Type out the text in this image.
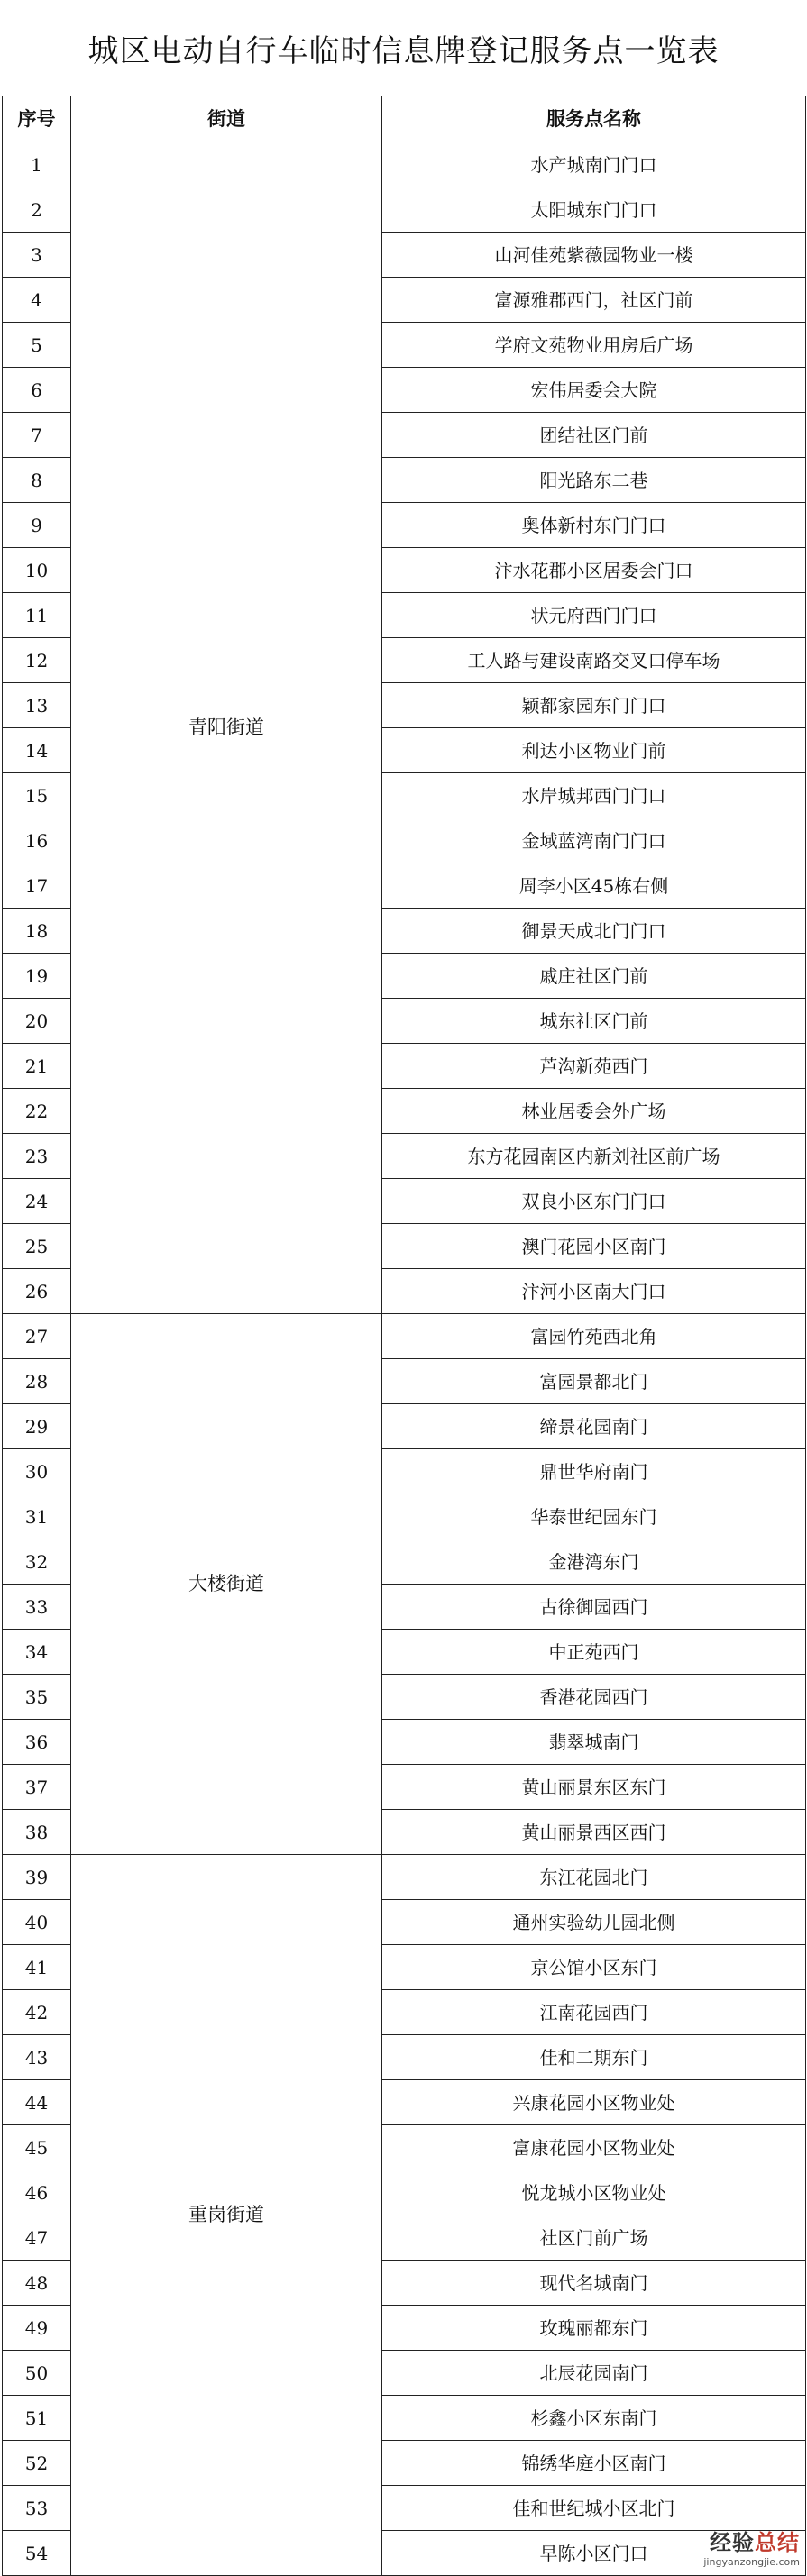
城区电动自行车临时信息牌登记服务点一览表
序号	街道	服务点名称
1	青阳街道	水产城南门门口
2		太阳城东门门口
3		山河佳苑紫薇园物业一楼
4		富源雅郡西门，社区门前
5		学府文苑物业用房后广场
6		宏伟居委会大院
7		团结社区门前
8		阳光路东二巷
9		奥体新村东门门口
10		汴水花郡小区居委会门口
11		状元府西门门口
12		工人路与建设南路交叉口停车场
13		颖都家园东门门口
14		利达小区物业门前
15		水岸城邦西门门口
16		金域蓝湾南门门口
17		周李小区45栋右侧
18		御景天成北门门口
19		戚庄社区门前
20		城东社区门前
21		芦沟新苑西门
22		林业居委会外广场
23		东方花园南区内新刘社区前广场
24		双良小区东门门口
25		澳门花园小区南门
26		汴河小区南大门口
27	大楼街道	富园竹苑西北角
28		富园景都北门
29		缔景花园南门
30		鼎世华府南门
31		华泰世纪园东门
32		金港湾东门
33		古徐御园西门
34		中正苑西门
35		香港花园西门
36		翡翠城南门
37		黄山丽景东区东门
38		黄山丽景西区西门
39	重岗街道	东江花园北门
40		通州实验幼儿园北侧
41		京公馆小区东门
42		江南花园西门
43		佳和二期东门
44		兴康花园小区物业处
45		富康花园小区物业处
46		悦龙城小区物业处
47		社区门前广场
48		现代名城南门
49		玫瑰丽都东门
50		北辰花园南门
51		杉鑫小区东南门
52		锦绣华庭小区南门
53		佳和世纪城小区北门
54		早陈小区门口	经验总结
jingyanzongjie.com
